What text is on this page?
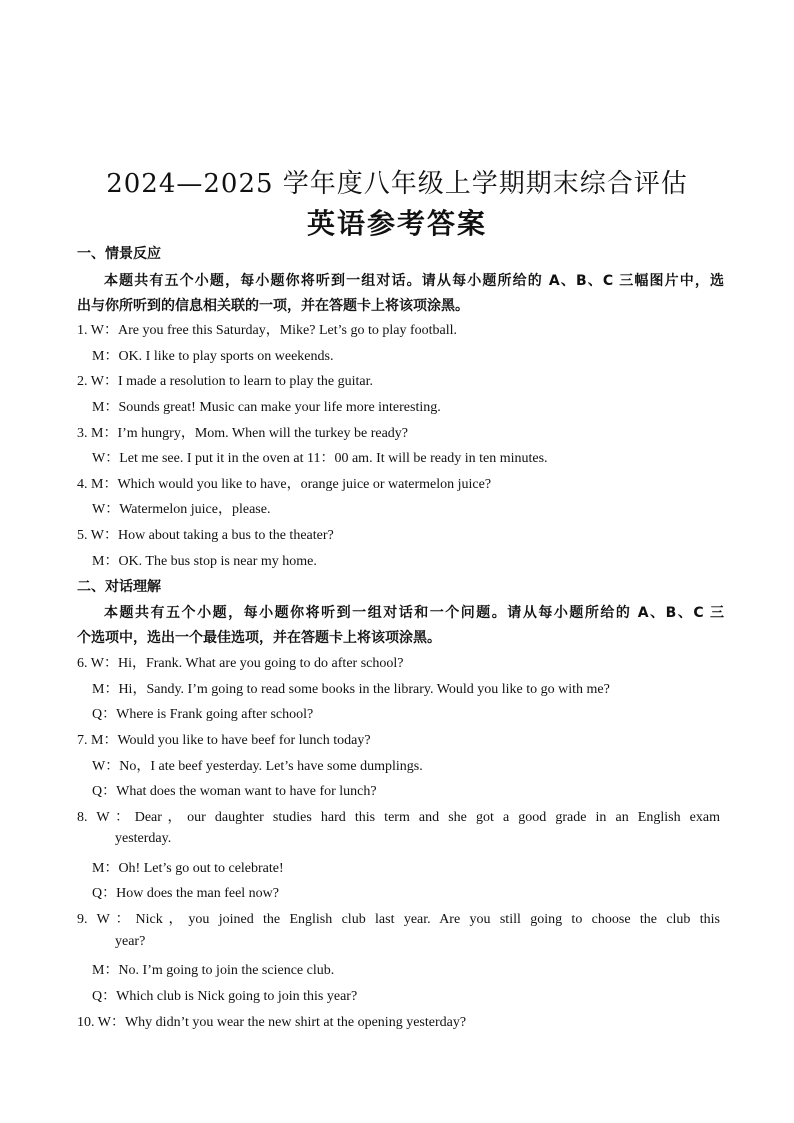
2024—2025 学年度八年级上学期期末综合评估
英语参考答案
一、情景反应
本题共有五个小题，每小题你将听到一组对话。请从每小题所给的 A、B、C 三幅图片中，选
出与你所听到的信息相关联的一项，并在答题卡上将该项涂黑。
1. W：Are you free this Saturday，Mike? Let’s go to play football.
M：OK. I like to play sports on weekends.
2. W：I made a resolution to learn to play the guitar.
M：Sounds great! Music can make your life more interesting.
3. M：I’m hungry，Mom. When will the turkey be ready?
W：Let me see. I put it in the oven at 11：00 am. It will be ready in ten minutes.
4. M：Which would you like to have，orange juice or watermelon juice?
W：Watermelon juice，please.
5. W：How about taking a bus to the theater?
M：OK. The bus stop is near my home.
二、对话理解
本题共有五个小题，每小题你将听到一组对话和一个问题。请从每小题所给的 A、B、C 三
个选项中，选出一个最佳选项，并在答题卡上将该项涂黑。
6. W：Hi，Frank. What are you going to do after school?
M：Hi，Sandy. I’m going to read some books in the library. Would you like to go with me?
Q：Where is Frank going after school?
7. M：Would you like to have beef for lunch today?
W：No，I ate beef yesterday. Let’s have some dumplings.
Q：What does the woman want to have for lunch?
8. W：Dear，our daughter studies hard this term and she got a good grade in an English exam
yesterday.
M：Oh! Let’s go out to celebrate!
Q：How does the man feel now?
9. W：Nick，you joined the English club last year. Are you still going to choose the club this
year?
M：No. I’m going to join the science club.
Q：Which club is Nick going to join this year?
10. W：Why didn’t you wear the new shirt at the opening yesterday?
